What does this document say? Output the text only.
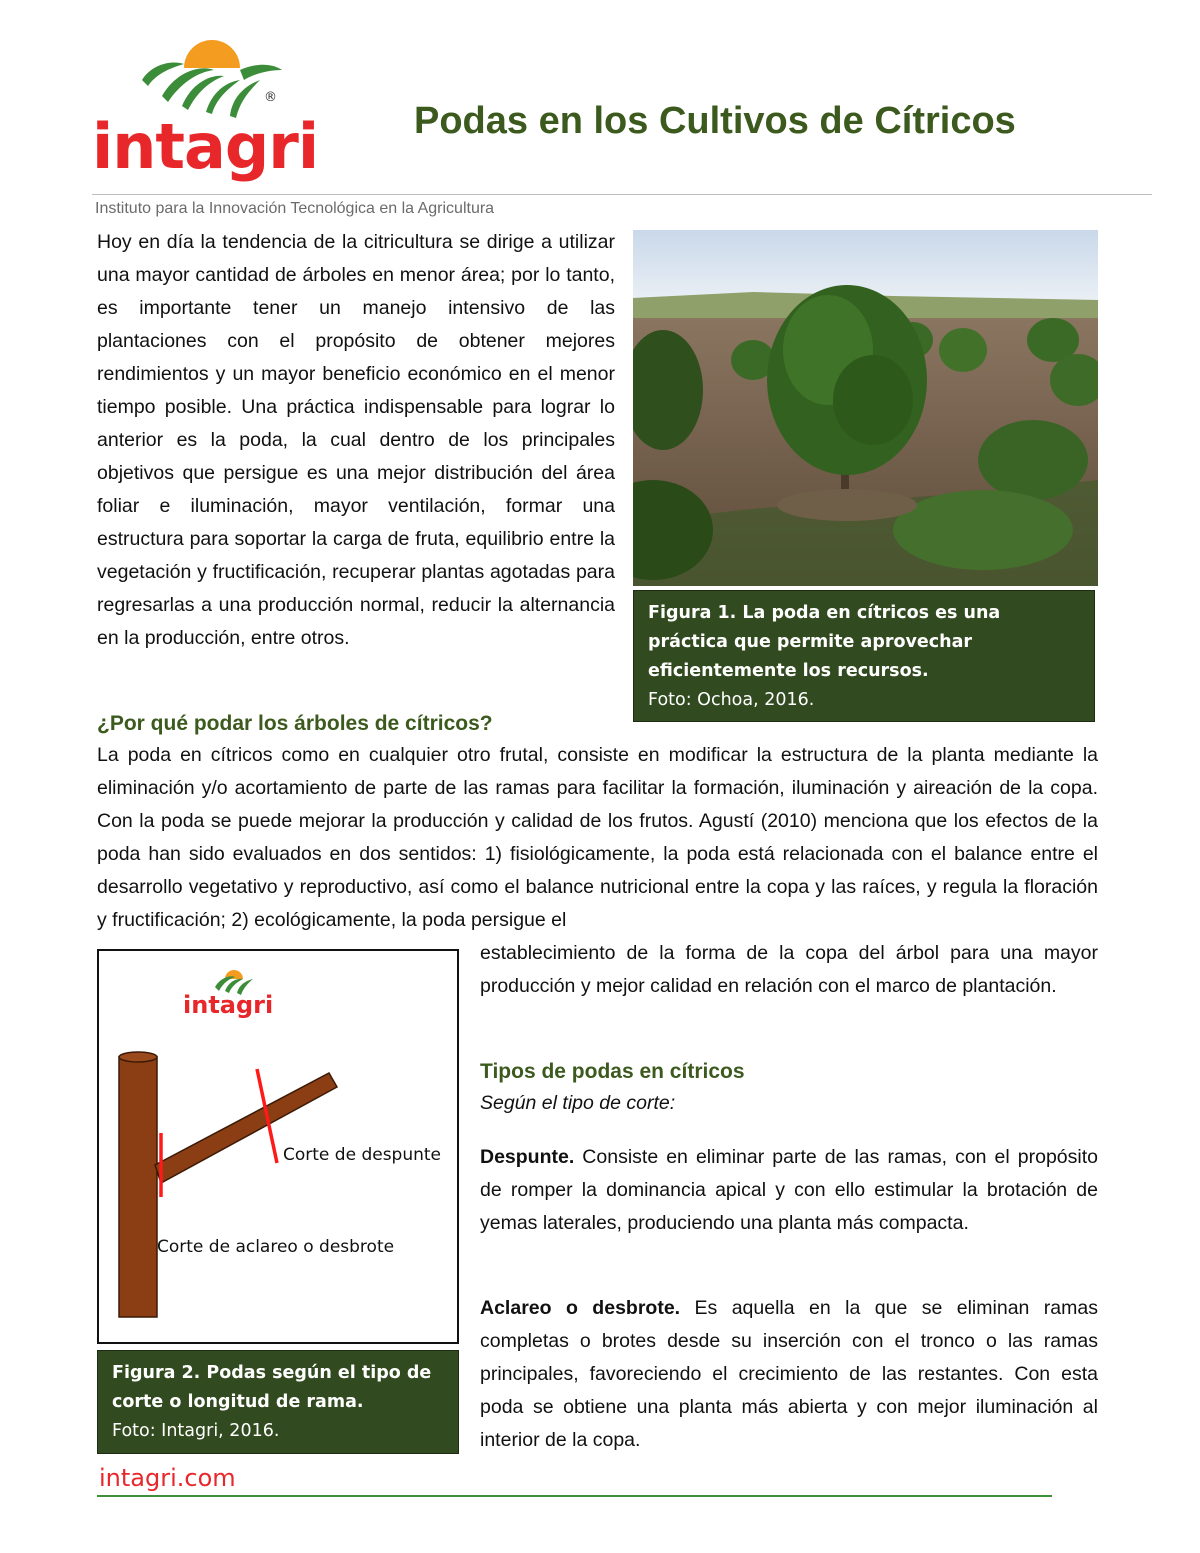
®
intagri	Podas en los Cultivos de Cítricos
Instituto para la Innovación Tecnológica en la Agricultura
Hoy en día la tendencia de la citricultura se dirige a utilizar una mayor cantidad de árboles en menor área; por lo tanto, es importante tener un manejo intensivo de las plantaciones con el propósito de obtener mejores rendimientos y un mayor beneficio económico en el menor tiempo posible. Una práctica indispensable para lograr lo anterior es la poda, la cual dentro de los principales objetivos que persigue es una mejor distribución del área foliar e iluminación, mayor ventilación, formar una estructura para soportar la carga de fruta, equilibrio entre la vegetación y fructificación, recuperar plantas agotadas para regresarlas a una producción normal, reducir la alternancia en la producción, entre otros.
Figura 1. La poda en cítricos es una práctica que permite aprovechar eficientemente los recursos.
Foto: Ochoa, 2016.
¿Por qué podar los árboles de cítricos?
La poda en cítricos como en cualquier otro frutal, consiste en modificar la estructura de la planta mediante la eliminación y/o acortamiento de parte de las ramas para facilitar la formación, iluminación y aireación de la copa. Con la poda se puede mejorar la producción y calidad de los frutos. Agustí (2010) menciona que los efectos de la poda han sido evaluados en dos sentidos: 1) fisiológicamente, la poda está relacionada con el balance entre el desarrollo vegetativo y reproductivo, así como el balance nutricional entre la copa y las raíces, y regula la floración y fructificación; 2) ecológicamente, la poda persigue el
establecimiento de la forma de la copa del árbol para una mayor producción y mejor calidad en relación con el marco de plantación.
intagri
Corte de despunte
Corte de aclareo o desbrote
Figura 2. Podas según el tipo de corte o longitud de rama.
Foto: Intagri, 2016.
Tipos de podas en cítricos
Según el tipo de corte:
Despunte. Consiste en eliminar parte de las ramas, con el propósito de romper la dominancia apical y con ello estimular la brotación de yemas laterales, produciendo una planta más compacta.
Aclareo o desbrote. Es aquella en la que se eliminan ramas completas o brotes desde su inserción con el tronco o las ramas principales, favoreciendo el crecimiento de las restantes. Con esta poda se obtiene una planta más abierta y con mejor iluminación al interior de la copa.
intagri.com
